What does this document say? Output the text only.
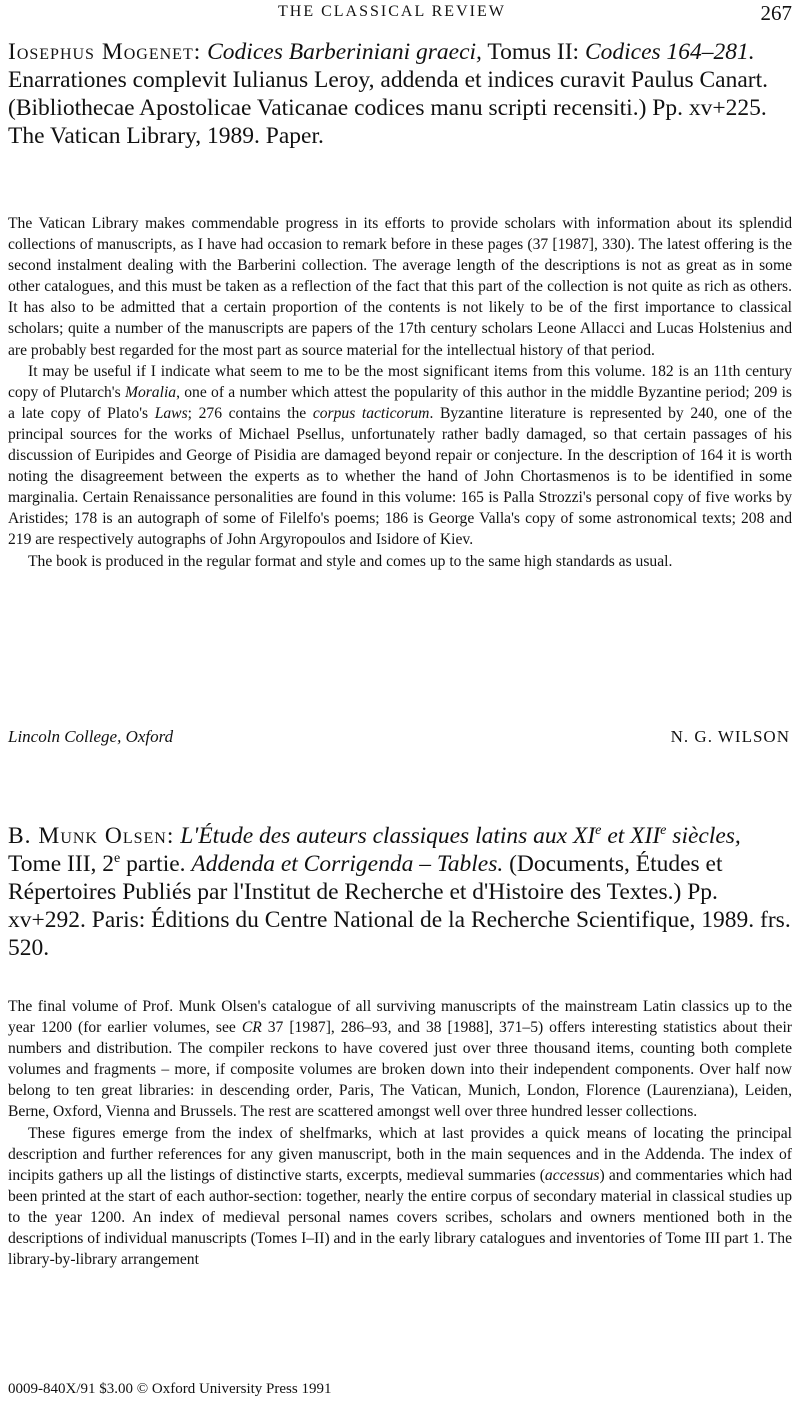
THE CLASSICAL REVIEW	267

Iosephus Mogenet: Codices Barberiniani graeci, Tomus II: Codices 164–281. Enarrationes complevit Iulianus Leroy, addenda et indices curavit Paulus Canart. (Bibliothecae Apostolicae Vaticanae codices manu scripti recensiti.) Pp. xv+225. The Vatican Library, 1989. Paper.

The Vatican Library makes commendable progress in its efforts to provide scholars with information about its splendid collections of manuscripts, as I have had occasion to remark before in these pages (37 [1987], 330). The latest offering is the second instalment dealing with the Barberini collection. The average length of the descriptions is not as great as in some other catalogues, and this must be taken as a reflection of the fact that this part of the collection is not quite as rich as others. It has also to be admitted that a certain proportion of the contents is not likely to be of the first importance to classical scholars; quite a number of the manuscripts are papers of the 17th century scholars Leone Allacci and Lucas Holstenius and are probably best regarded for the most part as source material for the intellectual history of that period.

It may be useful if I indicate what seem to me to be the most significant items from this volume. 182 is an 11th century copy of Plutarch's Moralia, one of a number which attest the popularity of this author in the middle Byzantine period; 209 is a late copy of Plato's Laws; 276 contains the corpus tacticorum. Byzantine literature is represented by 240, one of the principal sources for the works of Michael Psellus, unfortunately rather badly damaged, so that certain passages of his discussion of Euripides and George of Pisidia are damaged beyond repair or conjecture. In the description of 164 it is worth noting the disagreement between the experts as to whether the hand of John Chortasmenos is to be identified in some marginalia. Certain Renaissance personalities are found in this volume: 165 is Palla Strozzi's personal copy of five works by Aristides; 178 is an autograph of some of Filelfo's poems; 186 is George Valla's copy of some astronomical texts; 208 and 219 are respectively autographs of John Argyropoulos and Isidore of Kiev.

The book is produced in the regular format and style and comes up to the same high standards as usual.

Lincoln College, Oxford	N. G. WILSON

B. Munk Olsen: L'Étude des auteurs classiques latins aux XIe et XIIe siècles, Tome III, 2e partie. Addenda et Corrigenda – Tables. (Documents, Études et Répertoires Publiés par l'Institut de Recherche et d'Histoire des Textes.) Pp. xv+292. Paris: Éditions du Centre National de la Recherche Scientifique, 1989. frs. 520.

The final volume of Prof. Munk Olsen's catalogue of all surviving manuscripts of the mainstream Latin classics up to the year 1200 (for earlier volumes, see CR 37 [1987], 286–93, and 38 [1988], 371–5) offers interesting statistics about their numbers and distribution. The compiler reckons to have covered just over three thousand items, counting both complete volumes and fragments – more, if composite volumes are broken down into their independent components. Over half now belong to ten great libraries: in descending order, Paris, The Vatican, Munich, London, Florence (Laurenziana), Leiden, Berne, Oxford, Vienna and Brussels. The rest are scattered amongst well over three hundred lesser collections.

These figures emerge from the index of shelfmarks, which at last provides a quick means of locating the principal description and further references for any given manuscript, both in the main sequences and in the Addenda. The index of incipits gathers up all the listings of distinctive starts, excerpts, medieval summaries (accessus) and commentaries which had been printed at the start of each author-section: together, nearly the entire corpus of secondary material in classical studies up to the year 1200. An index of medieval personal names covers scribes, scholars and owners mentioned both in the descriptions of individual manuscripts (Tomes I–II) and in the early library catalogues and inventories of Tome III part 1. The library-by-library arrangement

0009-840X/91 $3.00 © Oxford University Press 1991
